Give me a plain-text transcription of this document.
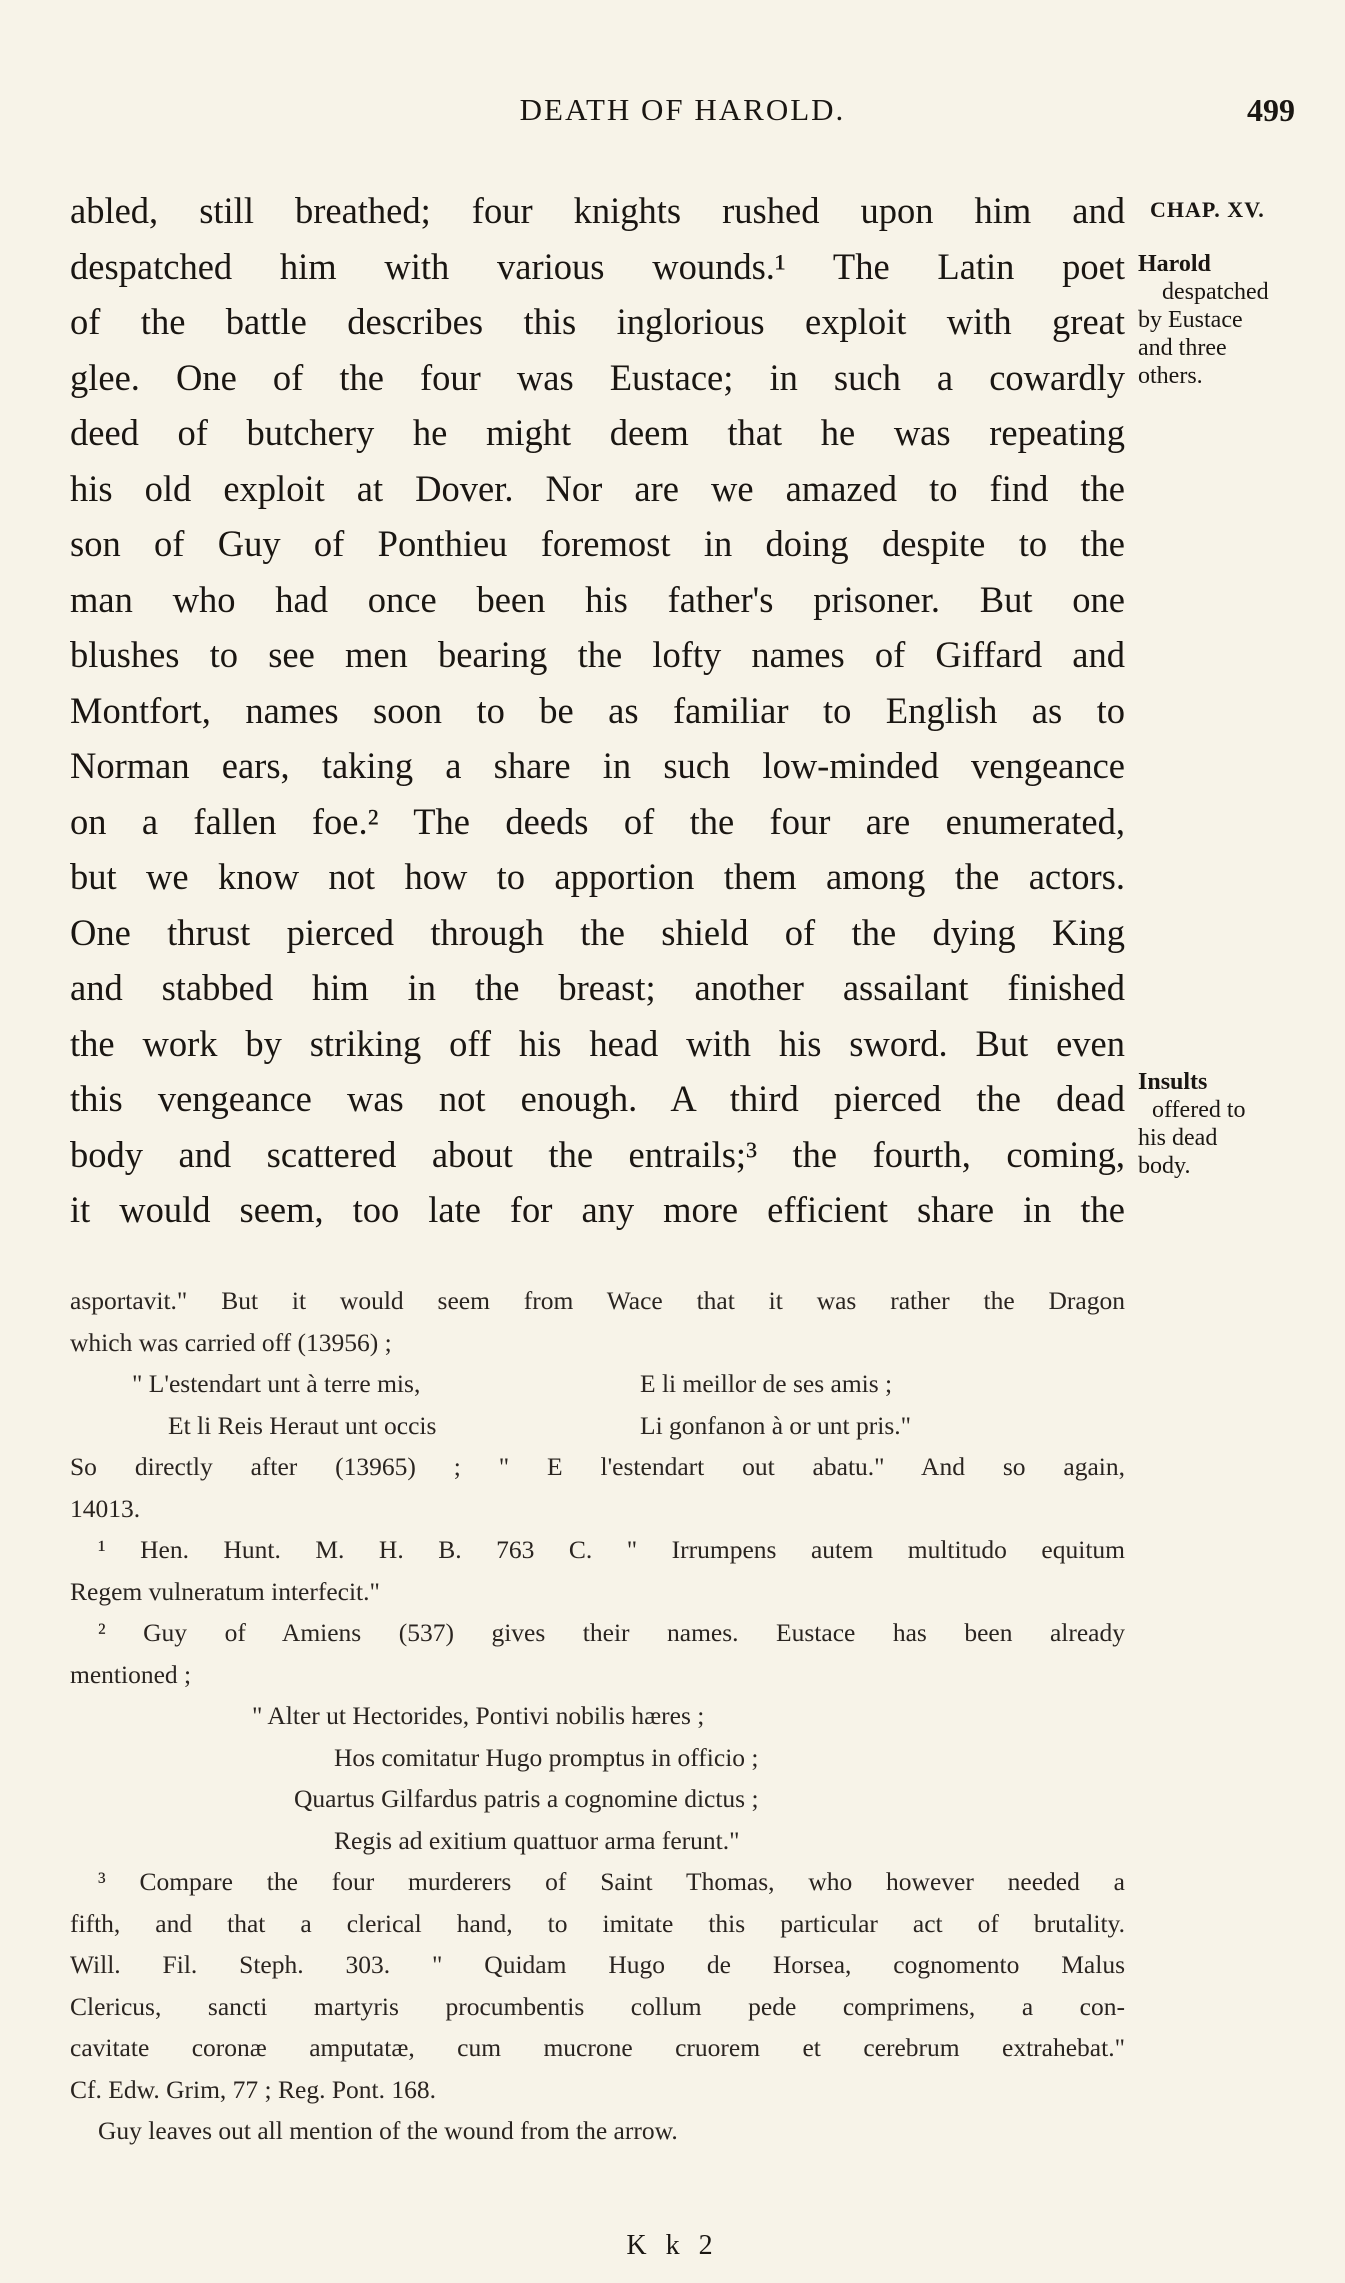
DEATH OF HAROLD.	499
CHAP. XV.
abled, still breathed; four knights rushed upon him and
despatched him with various wounds.¹ The Latin poet
of the battle describes this inglorious exploit with great
glee. One of the four was Eustace; in such a cowardly
deed of butchery he might deem that he was repeating
his old exploit at Dover. Nor are we amazed to find the
son of Guy of Ponthieu foremost in doing despite to the
man who had once been his father's prisoner. But one
blushes to see men bearing the lofty names of Giffard and
Montfort, names soon to be as familiar to English as to
Norman ears, taking a share in such low-minded vengeance
on a fallen foe.² The deeds of the four are enumerated,
but we know not how to apportion them among the actors.
One thrust pierced through the shield of the dying King
and stabbed him in the breast; another assailant finished
the work by striking off his head with his sword. But even
this vengeance was not enough. A third pierced the dead
body and scattered about the entrails;³ the fourth, coming,
it would seem, too late for any more efficient share in the
Harold
despatched
by Eustace
and three
others.
Insults
offered to
his dead
body.
asportavit." But it would seem from Wace that it was rather the Dragon
which was carried off (13956) ;
" L'estendart unt à terre mis,	E li meillor de ses amis ;
Et li Reis Heraut unt occis	Li gonfanon à or unt pris."
So directly after (13965) ; " E l'estendart out abatu." And so again,
14013.
¹ Hen. Hunt. M. H. B. 763 C. " Irrumpens autem multitudo equitum
Regem vulneratum interfecit."
² Guy of Amiens (537) gives their names. Eustace has been already
mentioned ;
" Alter ut Hectorides, Pontivi nobilis hæres ;
Hos comitatur Hugo promptus in officio ;
Quartus Gilfardus patris a cognomine dictus ;
Regis ad exitium quattuor arma ferunt."
³ Compare the four murderers of Saint Thomas, who however needed a
fifth, and that a clerical hand, to imitate this particular act of brutality.
Will. Fil. Steph. 303. " Quidam Hugo de Horsea, cognomento Malus
Clericus, sancti martyris procumbentis collum pede comprimens, a con-
cavitate coronæ amputatæ, cum mucrone cruorem et cerebrum extrahebat."
Cf. Edw. Grim, 77 ; Reg. Pont. 168.
Guy leaves out all mention of the wound from the arrow.
K k 2
